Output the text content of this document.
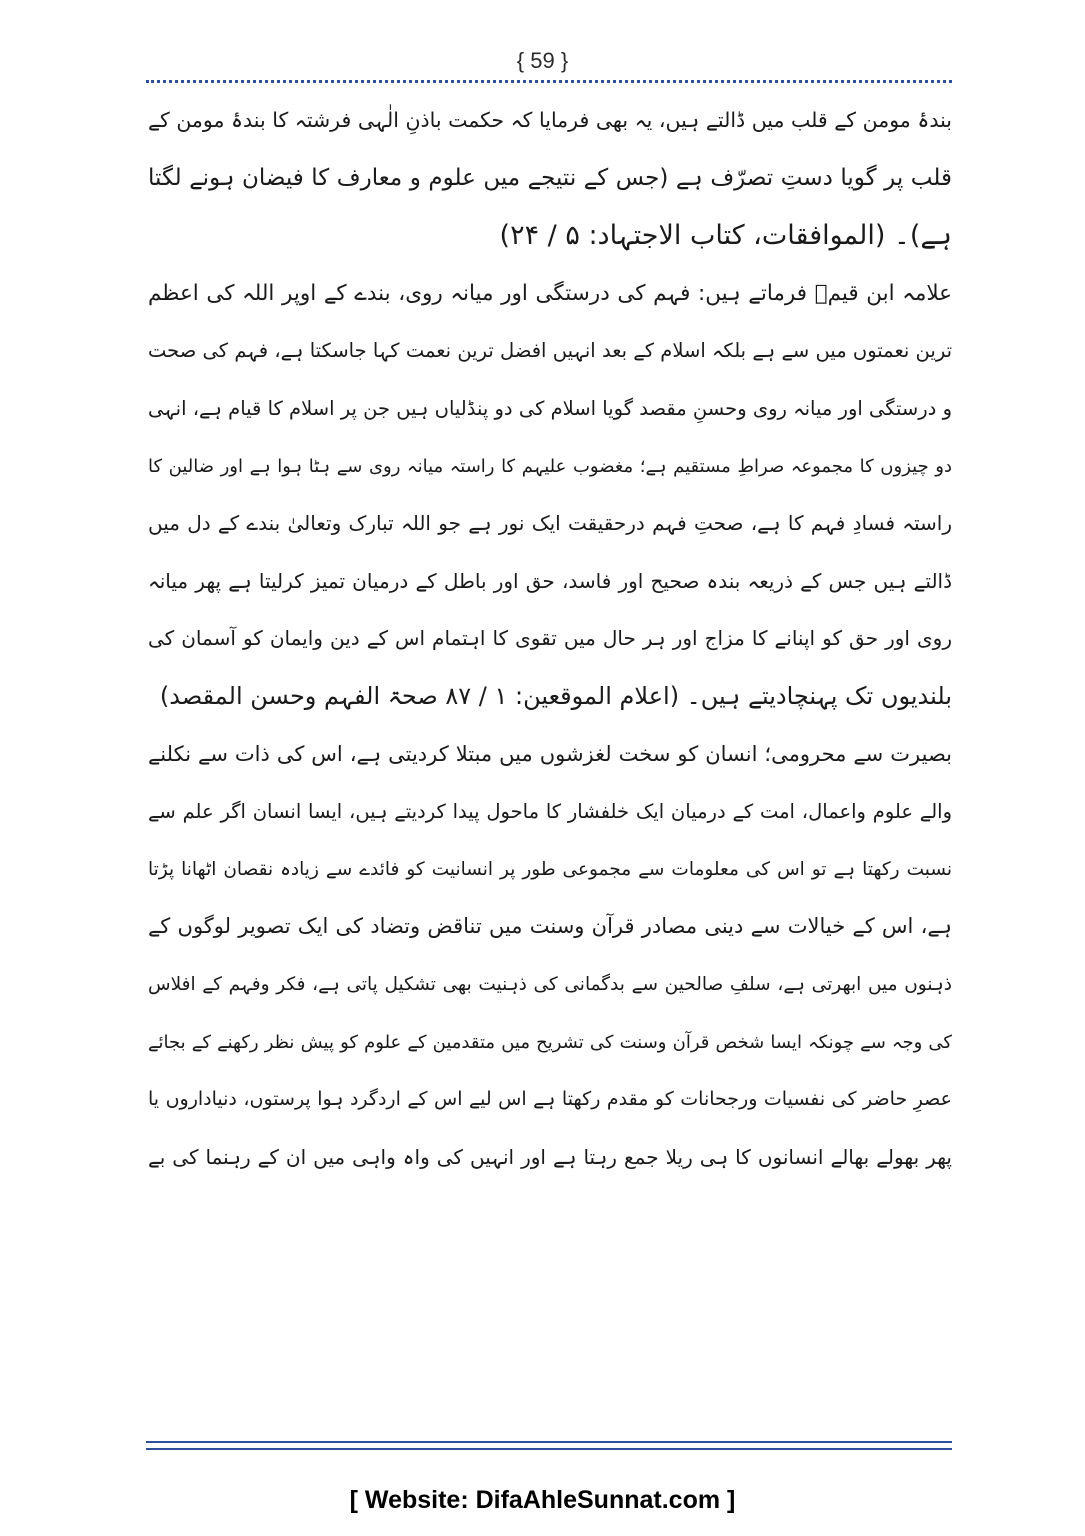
{ 59 }
بندۂ مومن کے قلب میں ڈالتے ہیں، یہ بھی فرمایا کہ حکمت باذنِ الٰہی فرشتہ کا بندۂ مومن کے
قلب پر گویا دستِ تصرّف ہے (جس کے نتیجے میں علوم و معارف کا فیضان ہونے لگتا
ہے)۔ (الموافقات، کتاب الاجتہاد: ۵ / ۲۴)
علامہ ابن قیمؒ فرماتے ہیں: فہم کی درستگی اور میانہ روی، بندے کے اوپر اللہ کی اعظم
ترین نعمتوں میں سے ہے بلکہ اسلام کے بعد انہیں افضل ترین نعمت کہا جاسکتا ہے، فہم کی صحت
و درستگی اور میانہ روی وحسنِ مقصد گویا اسلام کی دو پنڈلیاں ہیں جن پر اسلام کا قیام ہے، انہی
دو چیزوں کا مجموعہ صراطِ مستقیم ہے؛ مغضوب علیہم کا راستہ میانہ روی سے ہٹا ہوا ہے اور ضالین کا
راستہ فسادِ فہم کا ہے، صحتِ فہم درحقیقت ایک نور ہے جو اللہ تبارک وتعالیٰ بندے کے دل میں
ڈالتے ہیں جس کے ذریعہ بندہ صحیح اور فاسد، حق اور باطل کے درمیان تمیز کرلیتا ہے پھر میانہ
روی اور حق کو اپنانے کا مزاج اور ہر حال میں تقوی کا اہتمام اس کے دین وایمان کو آسمان کی
بلندیوں تک پہنچادیتے ہیں۔ (اعلام الموقعین: ۱ / ۸۷ صحۃ الفہم وحسن المقصد)
بصیرت سے محرومی؛ انسان کو سخت لغزشوں میں مبتلا کردیتی ہے، اس کی ذات سے نکلنے
والے علوم واعمال، امت کے درمیان ایک خلفشار کا ماحول پیدا کردیتے ہیں، ایسا انسان اگر علم سے
نسبت رکھتا ہے تو اس کی معلومات سے مجموعی طور پر انسانیت کو فائدے سے زیادہ نقصان اٹھانا پڑتا
ہے، اس کے خیالات سے دینی مصادر قرآن وسنت میں تناقض وتضاد کی ایک تصویر لوگوں کے
ذہنوں میں ابھرتی ہے، سلفِ صالحین سے بدگمانی کی ذہنیت بھی تشکیل پاتی ہے، فکر وفہم کے افلاس
کی وجہ سے چونکہ ایسا شخص قرآن وسنت کی تشریح میں متقدمین کے علوم کو پیش نظر رکھنے کے بجائے
عصرِ حاضر کی نفسیات ورجحانات کو مقدم رکھتا ہے اس لیے اس کے اردگرد ہوا پرستوں، دنیاداروں یا
پھر بھولے بھالے انسانوں کا ہی ریلا جمع رہتا ہے اور انہیں کی واہ واہی میں ان کے رہنما کی بے
[ Website: DifaAhleSunnat.com ]
